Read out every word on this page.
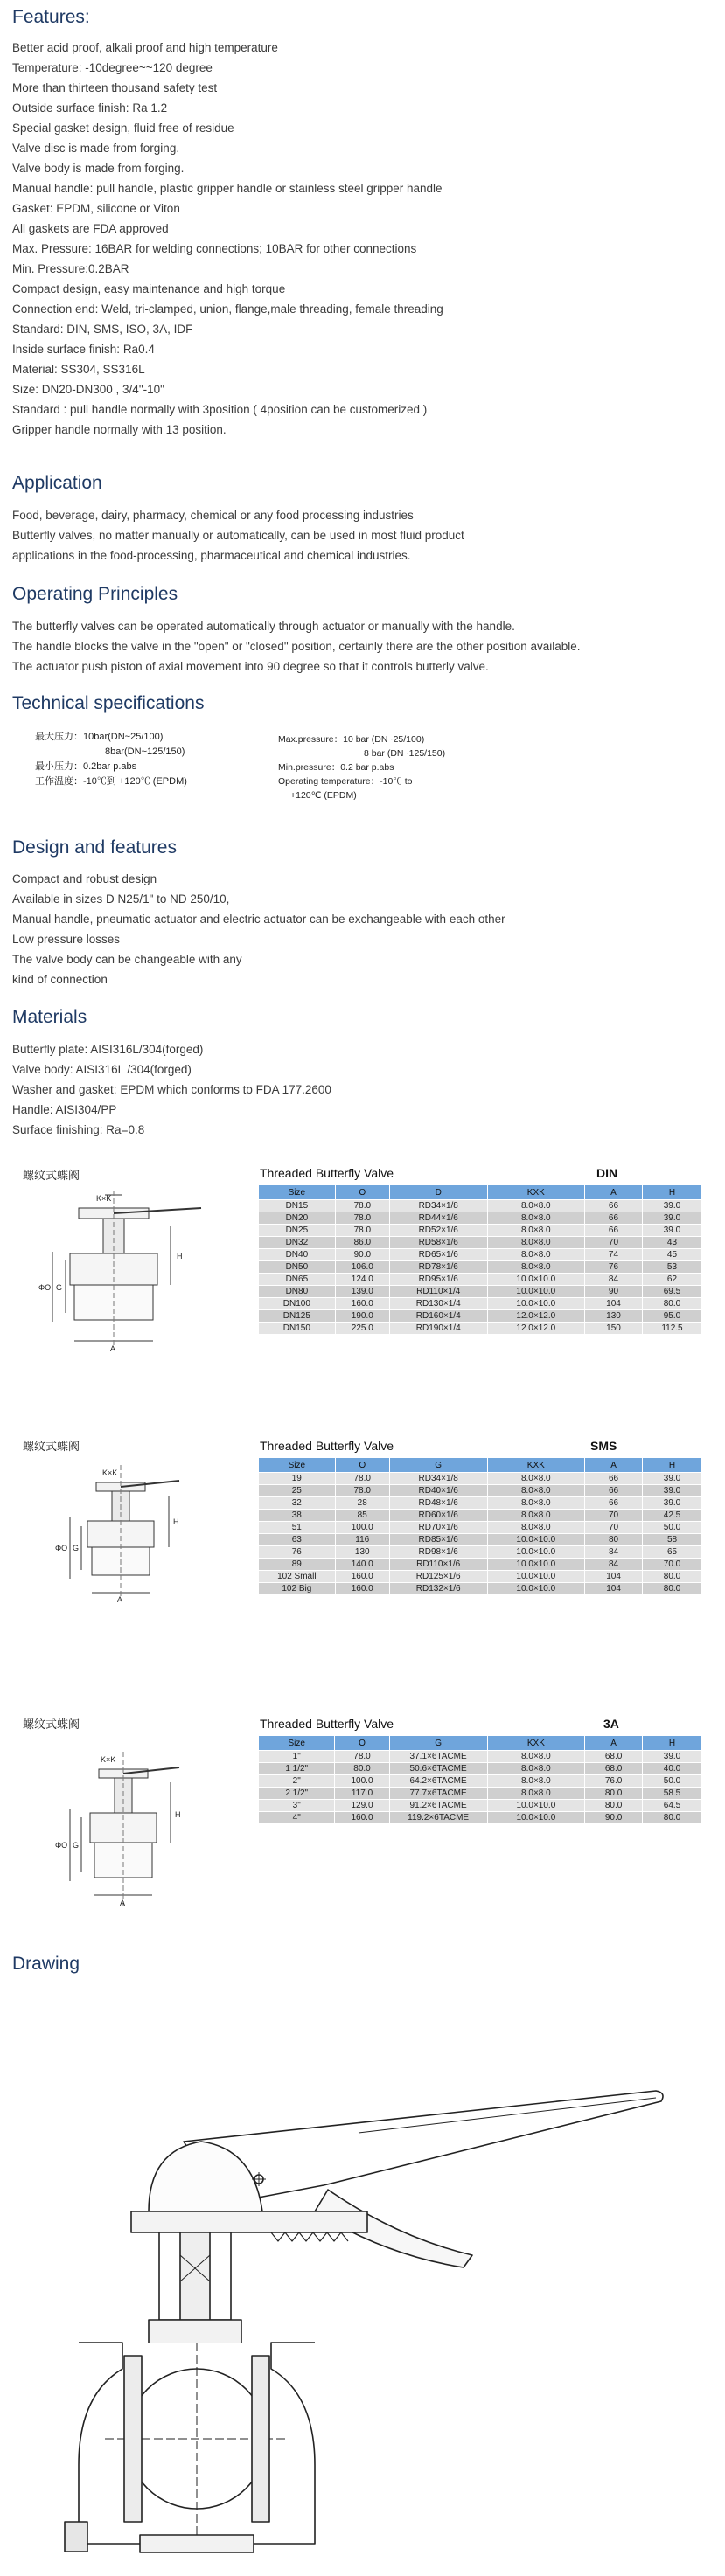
Features:
Better acid proof, alkali proof and high temperature
Temperature: -10degree~~120 degree
More than thirteen thousand safety test
Outside surface finish: Ra 1.2
Special gasket design, fluid free of residue
Valve disc is made from forging.
Valve body is made from forging.
Manual handle: pull handle, plastic gripper handle or stainless steel gripper handle
Gasket: EPDM, silicone or Viton
All gaskets are FDA approved
Max. Pressure: 16BAR for welding connections; 10BAR for other connections
Min. Pressure:0.2BAR
Compact design, easy maintenance and high torque
Connection end: Weld, tri-clamped, union, flange,male threading, female threading
Standard: DIN, SMS, ISO, 3A, IDF
Inside surface finish: Ra0.4
Material: SS304, SS316L
Size: DN20-DN300 , 3/4"-10"
Standard : pull handle normally with 3position ( 4position can be customerized )
Gripper handle normally with 13 position.
Application
Food, beverage, dairy, pharmacy, chemical or any food processing industries
Butterfly valves, no matter manually or automatically, can be used in most fluid product
applications in the food-processing, pharmaceutical and chemical industries.
Operating Principles
The butterfly valves can be operated automatically through actuator or manually with the handle.
The handle blocks the valve in the "open" or "closed" position, certainly there are the other position available.
The actuator push piston of axial movement into 90 degree so that it controls butterly valve.
Technical specifications
最大压力：10bar(DN~25/100)
8bar(DN~125/150)
最小压力：0.2bar p.abs
工作温度：-10℃到 +120℃ (EPDM)
Max.pressure：10 bar (DN~25/100)
8 bar (DN~125/150)
Min.pressure：0.2 bar p.abs
Operating temperature：-10℃ to
+120℃ (EPDM)
Design and features
Compact and robust design
Available in sizes D N25/1" to ND 250/10,
Manual handle, pneumatic actuator and electric actuator can be exchangeable with each other
Low pressure losses
The valve body can be changeable with any
kind of connection
Materials
Butterfly plate: AISI316L/304(forged)
Valve body: AISI316L /304(forged)
Washer and gasket: EPDM which conforms to FDA 177.2600
Handle: AISI304/PP
Surface finishing: Ra=0.8
螺纹式蝶阀	Threaded Butterfly Valve	DIN
Size	O	D	KXK	A	H
DN15	78.0	RD34×1/8	8.0×8.0	66	39.0
DN20	78.0	RD44×1/6	8.0×8.0	66	39.0
DN25	78.0	RD52×1/6	8.0×8.0	66	39.0
DN32	86.0	RD58×1/6	8.0×8.0	70	43
DN40	90.0	RD65×1/6	8.0×8.0	74	45
DN50	106.0	RD78×1/6	8.0×8.0	76	53
DN65	124.0	RD95×1/6	10.0×10.0	84	62
DN80	139.0	RD110×1/4	10.0×10.0	90	69.5
DN100	160.0	RD130×1/4	10.0×10.0	104	80.0
DN125	190.0	RD160×1/4	12.0×12.0	130	95.0
DN150	225.0	RD190×1/4	12.0×12.0	150	112.5
K×K
H
ΦO G
A
螺纹式蝶阀	Threaded Butterfly Valve	SMS
Size	O	G	KXK	A	H
19	78.0	RD34×1/8	8.0×8.0	66	39.0
25	78.0	RD40×1/6	8.0×8.0	66	39.0
32	28	RD48×1/6	8.0×8.0	66	39.0
38	85	RD60×1/6	8.0×8.0	70	42.5
51	100.0	RD70×1/6	8.0×8.0	70	50.0
63	116	RD85×1/6	10.0×10.0	80	58
76	130	RD98×1/6	10.0×10.0	84	65
89	140.0	RD110×1/6	10.0×10.0	84	70.0
102 Small	160.0	RD125×1/6	10.0×10.0	104	80.0
102 Big	160.0	RD132×1/6	10.0×10.0	104	80.0
K×K
H
ΦO G
A
螺纹式蝶阀	Threaded Butterfly Valve	3A
Size	O	G	KXK	A	H
1"	78.0	37.1×6TACME	8.0×8.0	68.0	39.0
1 1/2"	80.0	50.6×6TACME	8.0×8.0	68.0	40.0
2"	100.0	64.2×6TACME	8.0×8.0	76.0	50.0
2 1/2"	117.0	77.7×6TACME	8.0×8.0	80.0	58.5
3"	129.0	91.2×6TACME	10.0×10.0	80.0	64.5
4"	160.0	119.2×6TACME	10.0×10.0	90.0	80.0
K×K
H
ΦO G
A
Drawing
